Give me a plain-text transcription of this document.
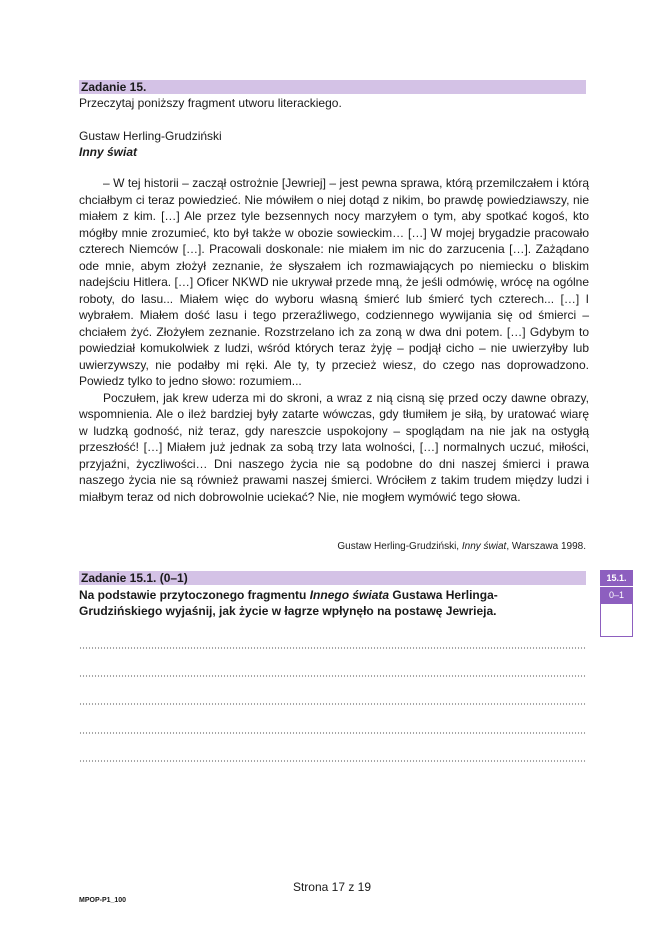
Zadanie 15.
Przeczytaj poniższy fragment utworu literackiego.
Gustaw Herling-Grudziński
Inny świat

– W tej historii – zaczął ostrożnie [Jewriej] – jest pewna sprawa, którą przemilczałem i którą chciałbym ci teraz powiedzieć. Nie mówiłem o niej dotąd z nikim, bo prawdę powiedziawszy, nie miałem z kim. […] Ale przez tyle bezsennych nocy marzyłem o tym, aby spotkać kogoś, kto mógłby mnie zrozumieć, kto był także w obozie sowieckim… […] W mojej brygadzie pracowało czterech Niemców […]. Pracowali doskonale: nie miałem im nic do zarzucenia […]. Zażądano ode mnie, abym złożył zeznanie, że słyszałem ich rozmawiających po niemiecku o bliskim nadejściu Hitlera. […] Oficer NKWD nie ukrywał przede mną, że jeśli odmówię, wrócę na ogólne roboty, do lasu... Miałem więc do wyboru własną śmierć lub śmierć tych czterech... […] I wybrałem. Miałem dość lasu i tego przeraźliwego, codziennego wywijania się od śmierci – chciałem żyć. Złożyłem zeznanie. Rozstrzelano ich za zoną w dwa dni potem. […] Gdybym to powiedział komukolwiek z ludzi, wśród których teraz żyję – podjął cicho – nie uwierzyłby lub uwierzywszy, nie podałby mi ręki. Ale ty, ty przecież wiesz, do czego nas doprowadzono. Powiedz tylko to jedno słowo: rozumiem...

Poczułem, jak krew uderza mi do skroni, a wraz z nią cisną się przed oczy dawne obrazy, wspomnienia. Ale o ileż bardziej były zatarte wówczas, gdy tłumiłem je siłą, by uratować wiarę w ludzką godność, niż teraz, gdy nareszcie uspokojony – spoglądam na nie jak na ostygłą przeszłość! […] Miałem już jednak za sobą trzy lata wolności, […] normalnych uczuć, miłości, przyjaźni, życzliwości… Dni naszego życia nie są podobne do dni naszej śmierci i prawa naszego życia nie są również prawami naszej śmierci. Wróciłem z takim trudem między ludzi i miałbym teraz od nich dobrowolnie uciekać? Nie, nie mogłem wymówić tego słowa.

Gustaw Herling-Grudziński, Inny świat, Warszawa 1998.
Zadanie 15.1. (0–1)
Na podstawie przytoczonego fragmentu Innego świata Gustawa Herlinga-Grudzińskiego wyjaśnij, jak życie w łagrze wpłynęło na postawę Jewrieja.
15.1.
0–1
Strona 17 z 19
MPOP-P1_100
